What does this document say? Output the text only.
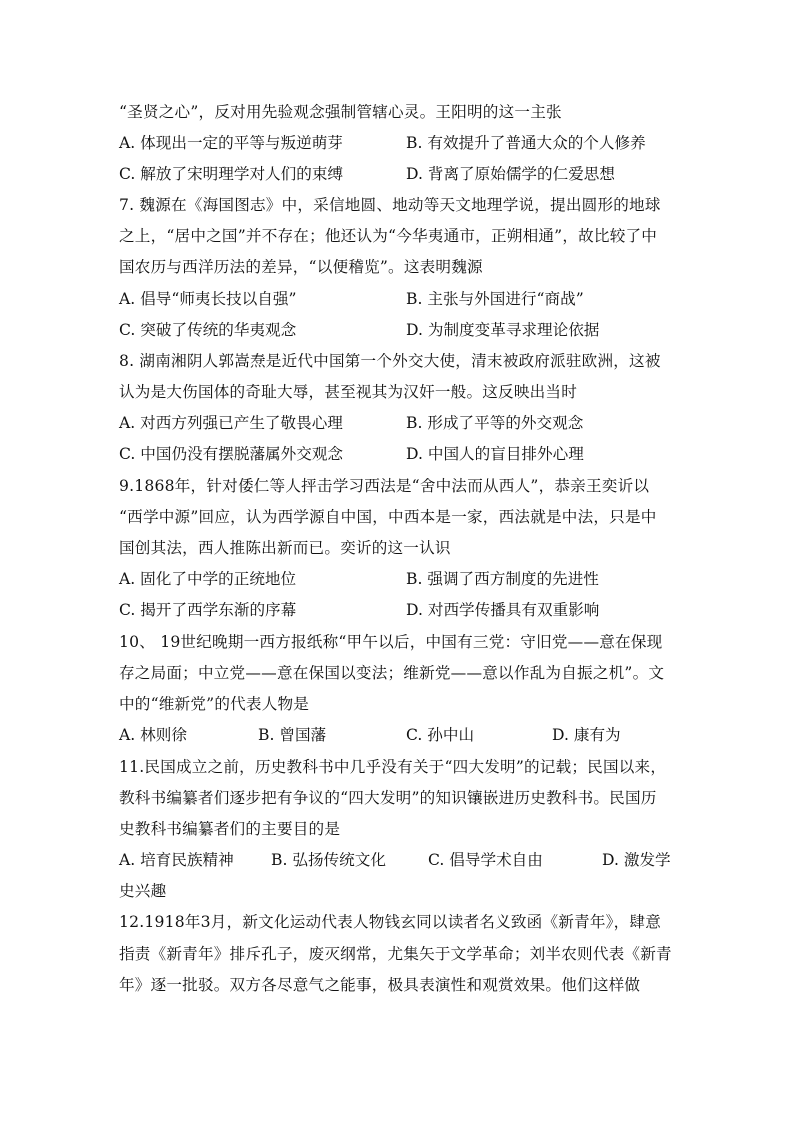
“圣贤之心”，反对用先验观念强制管辖心灵。王阳明的这一主张
A. 体现出一定的平等与叛逆萌芽	B. 有效提升了普通大众的个人修养
C. 解放了宋明理学对人们的束缚	D. 背离了原始儒学的仁爱思想
7. 魏源在《海国图志》中，采信地圆、地动等天文地理学说，提出圆形的地球
之上，“居中之国”并不存在；他还认为“今华夷通市，正朔相通”，故比较了中
国农历与西洋历法的差异，“以便稽览”。这表明魏源
A. 倡导“师夷长技以自强”	B. 主张与外国进行“商战”
C. 突破了传统的华夷观念	D. 为制度变革寻求理论依据
8. 湖南湘阴人郭嵩焘是近代中国第一个外交大使，清末被政府派驻欧洲，这被
认为是大伤国体的奇耻大辱，甚至视其为汉奸一般。这反映出当时
A. 对西方列强已产生了敬畏心理	B. 形成了平等的外交观念
C. 中国仍没有摆脱藩属外交观念	D. 中国人的盲目排外心理
9.1868年，针对倭仁等人抨击学习西法是“舍中法而从西人”，恭亲王奕䜣以
“西学中源”回应，认为西学源自中国，中西本是一家，西法就是中法，只是中
国创其法，西人推陈出新而已。奕䜣的这一认识
A. 固化了中学的正统地位	B. 强调了西方制度的先进性
C. 揭开了西学东渐的序幕	D. 对西学传播具有双重影响
10、 19世纪晚期一西方报纸称“甲午以后，中国有三党：守旧党——意在保现
存之局面；中立党——意在保国以变法；维新党——意以作乱为自振之机”。文
中的“维新党”的代表人物是
A. 林则徐	B. 曾国藩	C. 孙中山	D. 康有为
11.民国成立之前，历史教科书中几乎没有关于“四大发明”的记载；民国以来，
教科书编纂者们逐步把有争议的“四大发明”的知识镶嵌进历史教科书。民国历
史教科书编纂者们的主要目的是
A. 培育民族精神 B. 弘扬传统文化	C. 倡导学术自由	D. 激发学
史兴趣
12.1918年3月，新文化运动代表人物钱玄同以读者名义致函《新青年》，肆意
指责《新青年》排斥孔子，废灭纲常，尤集矢于文学革命；刘半农则代表《新青
年》逐一批驳。双方各尽意气之能事，极具表演性和观赏效果。他们这样做
